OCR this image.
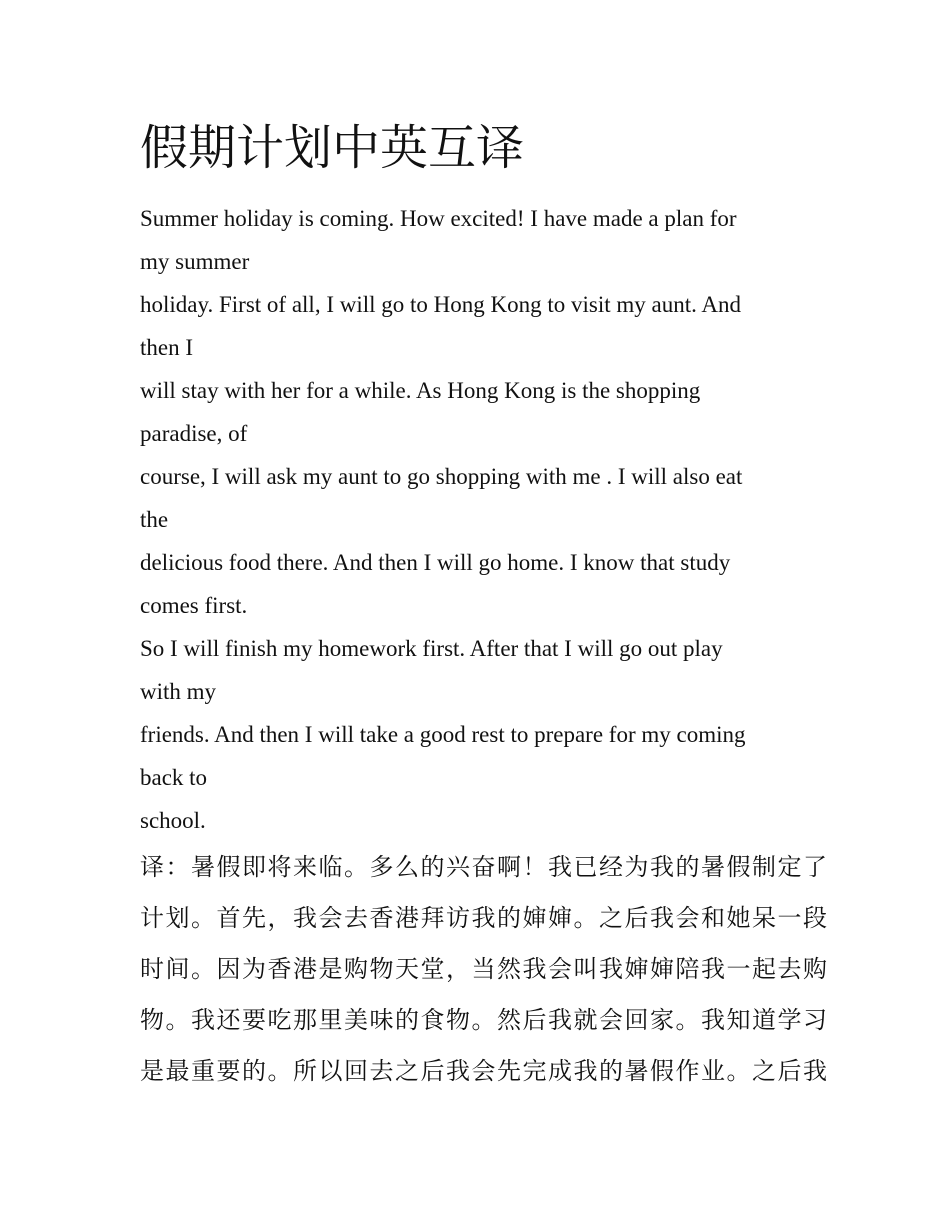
假期计划中英互译

Summer holiday is coming. How excited! I have made a plan for

my summer

holiday. First of all, I will go to Hong Kong to visit my aunt. And

then I

will stay with her for a while. As Hong Kong is the shopping

paradise, of

course, I will ask my aunt to go shopping with me . I will also eat

the

delicious food there. And then I will go home. I know that study

comes first.

So I will finish my homework first. After that I will go out play

with my

friends. And then I will take a good rest to prepare for my coming

back to

school.

译：暑假即将来临。多么的兴奋啊！我已经为我的暑假制定了

计划。首先，我会去香港拜访我的婶婶。之后我会和她呆一段

时间。因为香港是购物天堂，当然我会叫我婶婶陪我一起去购

物。我还要吃那里美味的食物。然后我就会回家。我知道学习

是最重要的。所以回去之后我会先完成我的暑假作业。之后我
